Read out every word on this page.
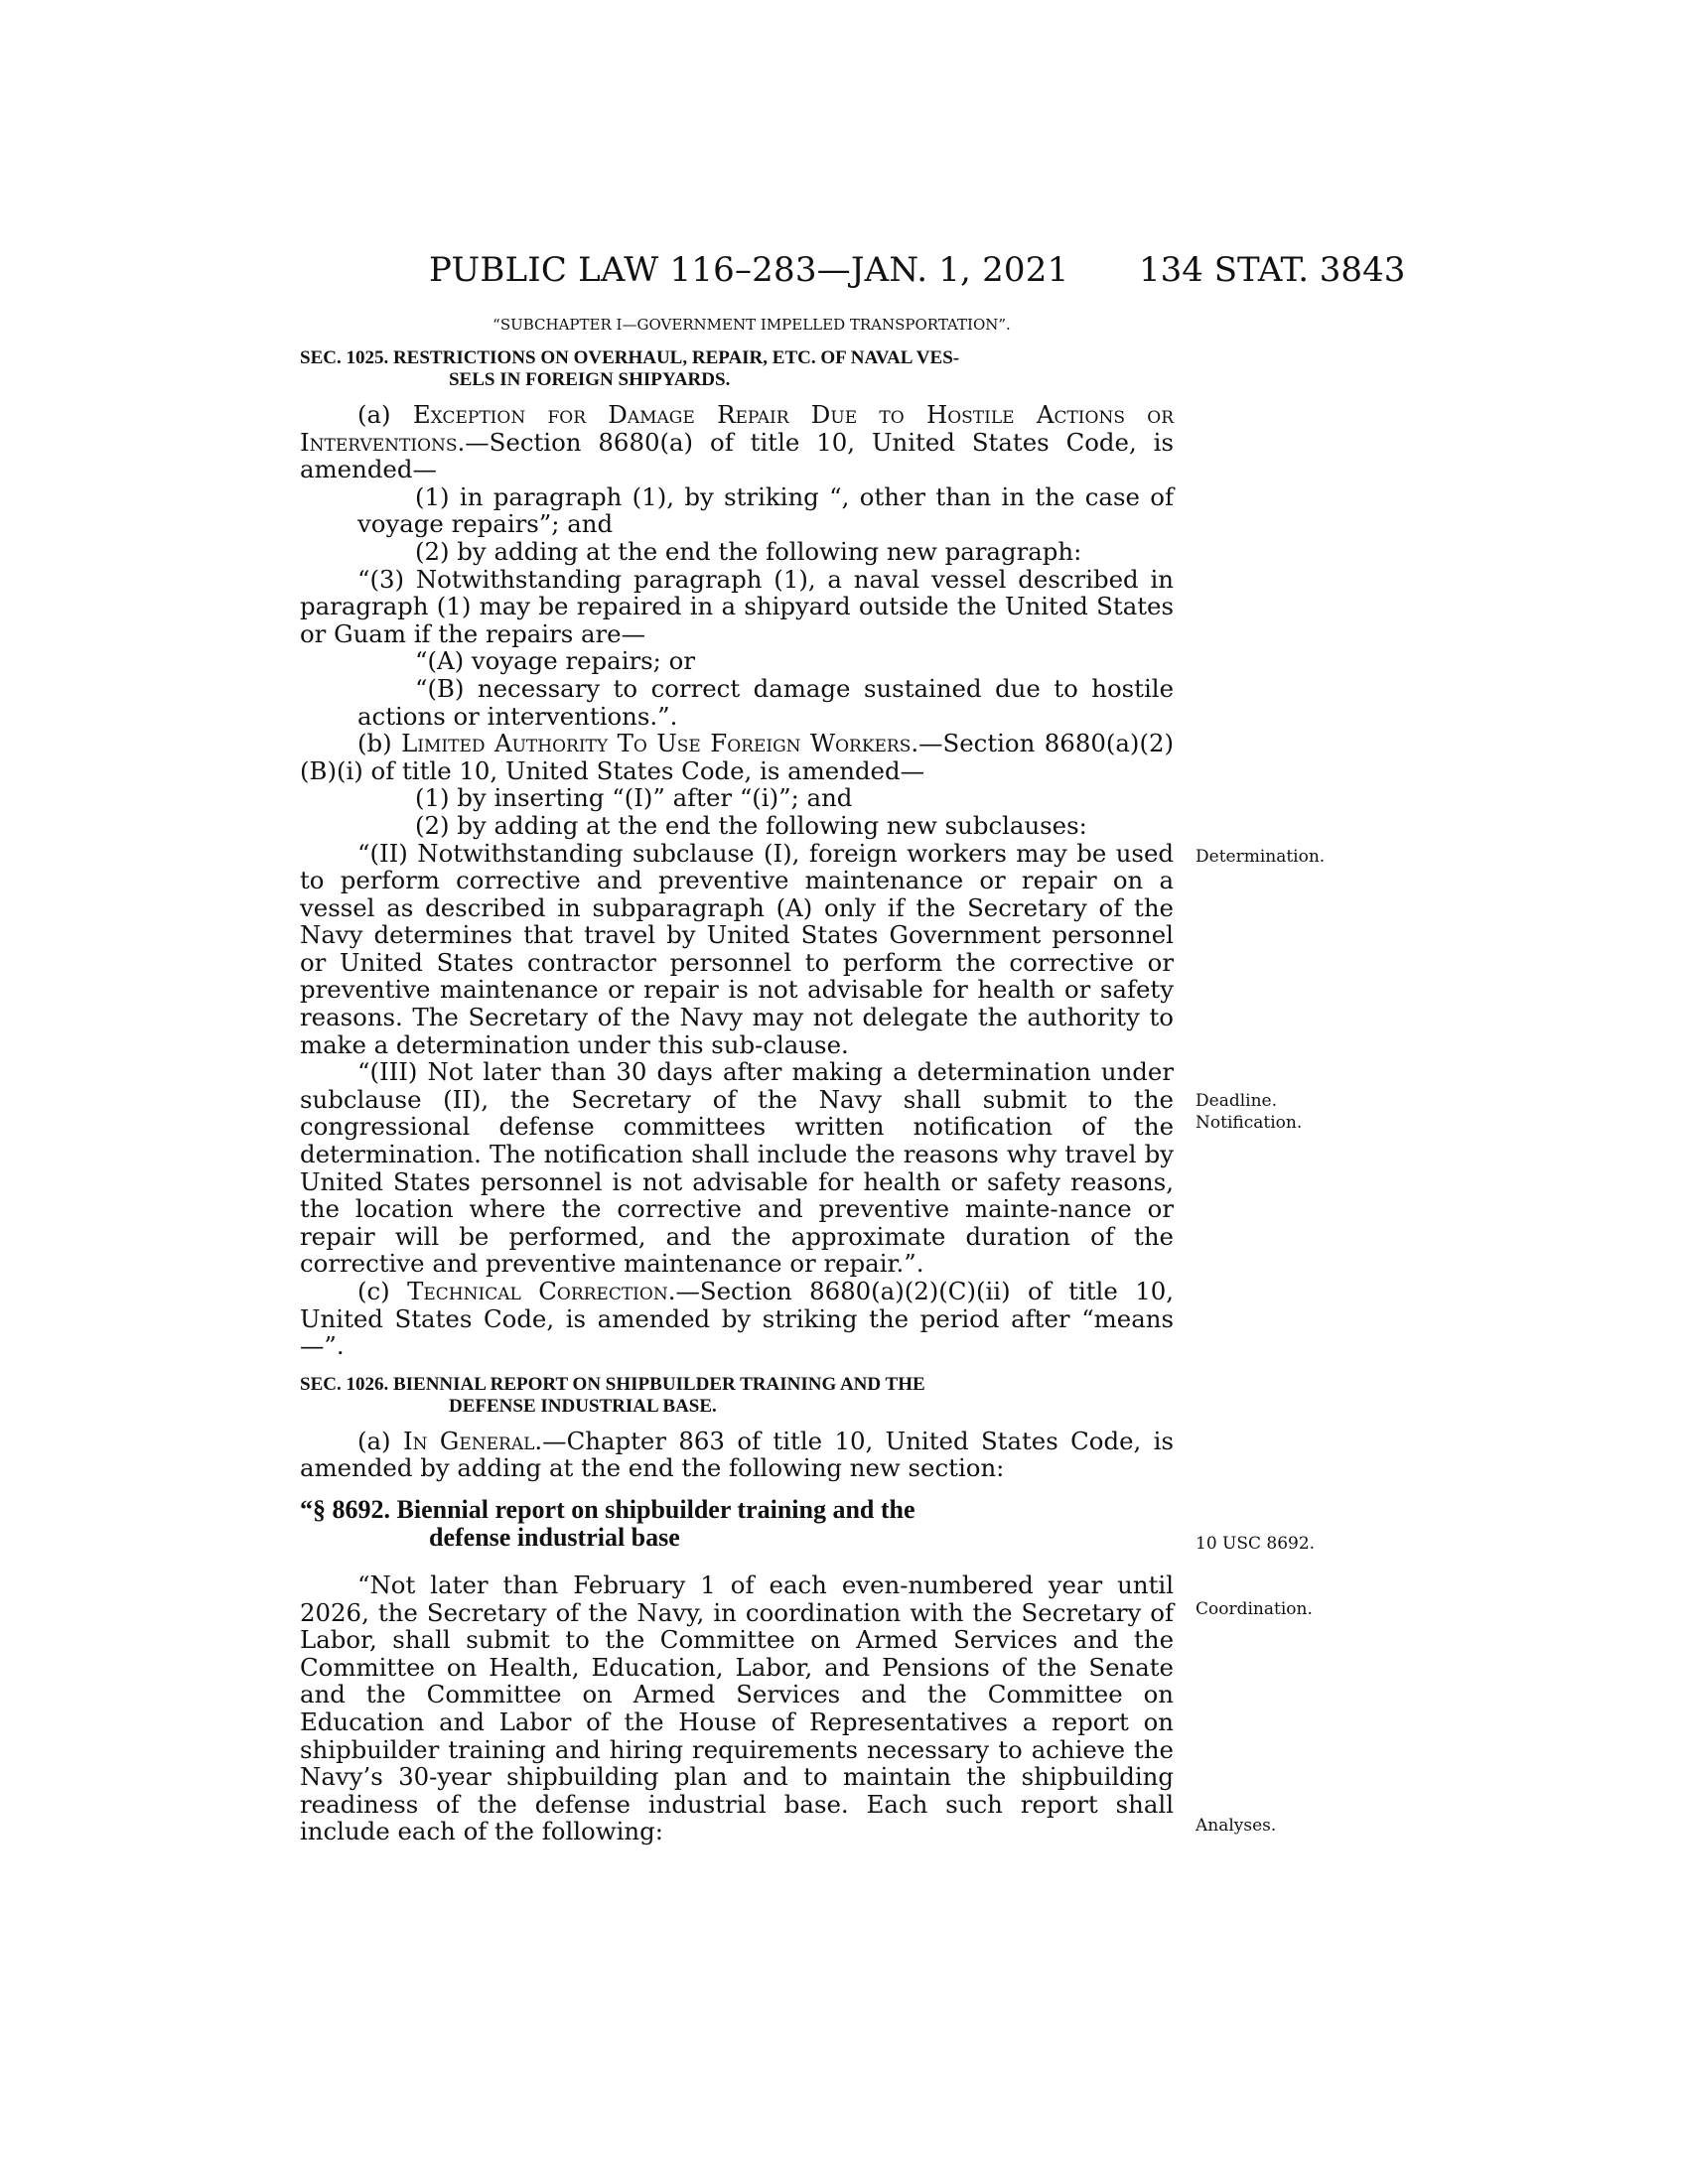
PUBLIC LAW 116–283—JAN. 1, 2021 134 STAT. 3843
“SUBCHAPTER I—GOVERNMENT IMPELLED TRANSPORTATION”.
SEC. 1025. RESTRICTIONS ON OVERHAUL, REPAIR, ETC. OF NAVAL VES-
SELS IN FOREIGN SHIPYARDS.

(a) Exception for Damage Repair Due to Hostile Actions or Interventions.—Section 8680(a) of title 10, United States Code, is amended—

(1) in paragraph (1), by striking “, other than in the case of voyage repairs”; and

(2) by adding at the end the following new paragraph:

“(3) Notwithstanding paragraph (1), a naval vessel described in paragraph (1) may be repaired in a shipyard outside the United States or Guam if the repairs are—

“(A) voyage repairs; or

“(B) necessary to correct damage sustained due to hostile actions or interventions.”.

(b) Limited Authority To Use Foreign Workers.—Section 8680(a)(2)(B)(i) of title 10, United States Code, is amended—

(1) by inserting “(I)” after “(i)”; and

(2) by adding at the end the following new subclauses:

“(II) Notwithstanding subclause (I), foreign workers may be used to perform corrective and preventive maintenance or repair on a vessel as described in subparagraph (A) only if the Secretary of the Navy determines that travel by United States Government personnel or United States contractor personnel to perform the corrective or preventive maintenance or repair is not advisable for health or safety reasons. The Secretary of the Navy may not delegate the authority to make a determination under this sub-clause.

“(III) Not later than 30 days after making a determination under subclause (II), the Secretary of the Navy shall submit to the congressional defense committees written notification of the determination. The notification shall include the reasons why travel by United States personnel is not advisable for health or safety reasons, the location where the corrective and preventive mainte-nance or repair will be performed, and the approximate duration of the corrective and preventive maintenance or repair.”.

(c) Technical Correction.—Section 8680(a)(2)(C)(ii) of title 10, United States Code, is amended by striking the period after “means—”.

SEC. 1026. BIENNIAL REPORT ON SHIPBUILDER TRAINING AND THE
DEFENSE INDUSTRIAL BASE.

(a) In General.—Chapter 863 of title 10, United States Code, is amended by adding at the end the following new section:

“§ 8692. Biennial report on shipbuilder training and the
defense industrial base

“Not later than February 1 of each even-numbered year until 2026, the Secretary of the Navy, in coordination with the Secretary of Labor, shall submit to the Committee on Armed Services and the Committee on Health, Education, Labor, and Pensions of the Senate and the Committee on Armed Services and the Committee on Education and Labor of the House of Representatives a report on shipbuilder training and hiring requirements necessary to achieve the Navy’s 30-year shipbuilding plan and to maintain the shipbuilding readiness of the defense industrial base. Each such report shall include each of the following:

Determination.
Deadline.
Notification.
10 USC 8692.
Coordination.
Analyses.
